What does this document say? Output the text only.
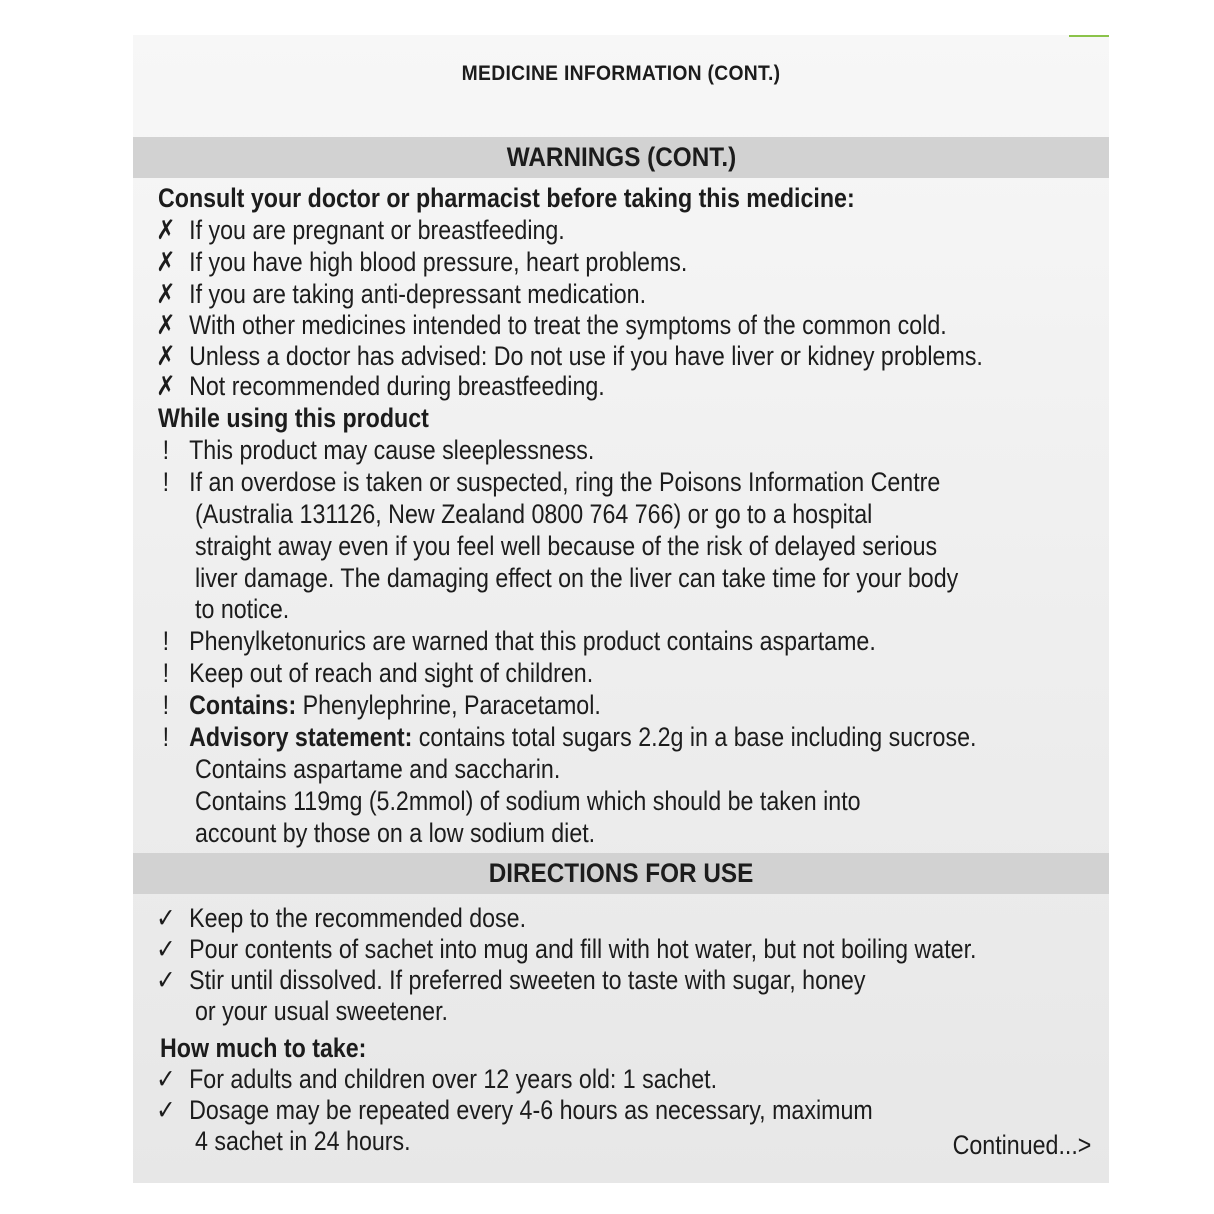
MEDICINE INFORMATION (CONT.)
WARNINGS (CONT.)
Consult your doctor or pharmacist before taking this medicine:
✗ If you are pregnant or breastfeeding.
✗ If you have high blood pressure, heart problems.
✗ If you are taking anti-depressant medication.
✗ With other medicines intended to treat the symptoms of the common cold.
✗ Unless a doctor has advised: Do not use if you have liver or kidney problems.
✗ Not recommended during breastfeeding.
While using this product
! This product may cause sleeplessness.
! If an overdose is taken or suspected, ring the Poisons Information Centre
(Australia 131126, New Zealand 0800 764 766) or go to a hospital
straight away even if you feel well because of the risk of delayed serious
liver damage. The damaging effect on the liver can take time for your body
to notice.
! Phenylketonurics are warned that this product contains aspartame.
! Keep out of reach and sight of children.
! Contains: Phenylephrine, Paracetamol.
! Advisory statement: contains total sugars 2.2g in a base including sucrose.
Contains aspartame and saccharin.
Contains 119mg (5.2mmol) of sodium which should be taken into
account by those on a low sodium diet.
DIRECTIONS FOR USE
✓ Keep to the recommended dose.
✓ Pour contents of sachet into mug and fill with hot water, but not boiling water.
✓ Stir until dissolved. If preferred sweeten to taste with sugar, honey
or your usual sweetener.
How much to take:
✓ For adults and children over 12 years old: 1 sachet.
✓ Dosage may be repeated every 4-6 hours as necessary, maximum
4 sachet in 24 hours.	Continued...>
